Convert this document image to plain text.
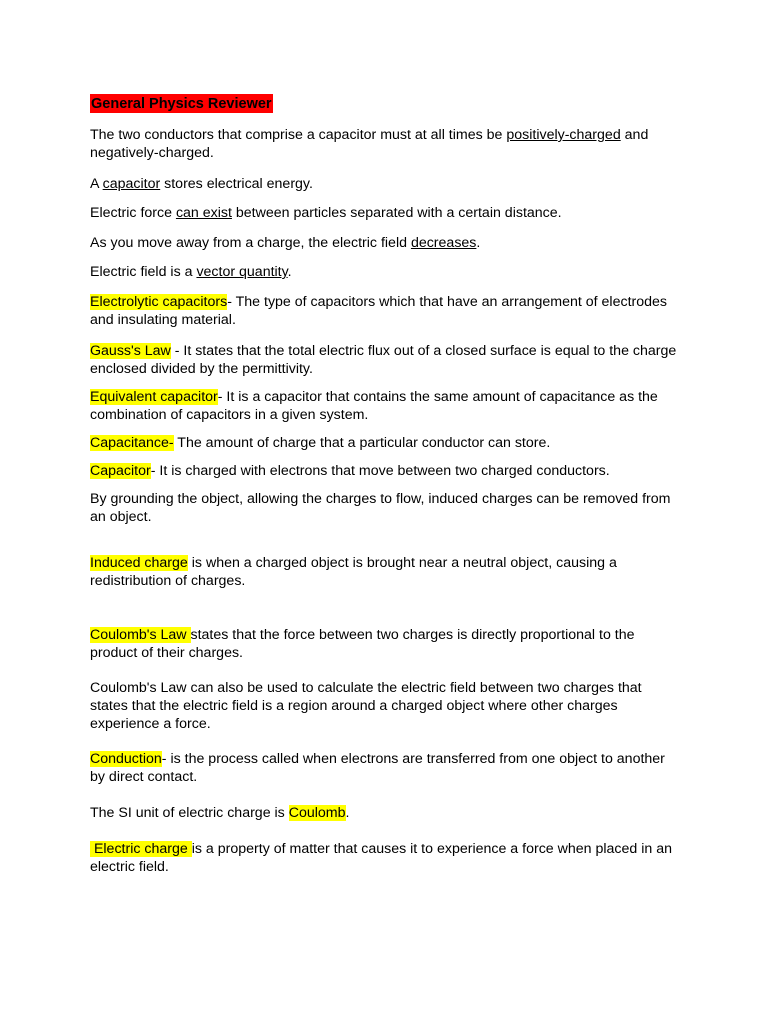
General Physics Reviewer

The two conductors that comprise a capacitor must at all times be positively-charged and negatively-charged.

A capacitor stores electrical energy.

Electric force can exist between particles separated with a certain distance.

As you move away from a charge, the electric field decreases.

Electric field is a vector quantity.

Electrolytic capacitors- The type of capacitors which that have an arrangement of electrodes and insulating material.

Gauss's Law - It states that the total electric flux out of a closed surface is equal to the charge enclosed divided by the permittivity.

Equivalent capacitor- It is a capacitor that contains the same amount of capacitance as the combination of capacitors in a given system.

Capacitance- The amount of charge that a particular conductor can store.

Capacitor- It is charged with electrons that move between two charged conductors.

By grounding the object, allowing the charges to flow, induced charges can be removed from an object.

Induced charge is when a charged object is brought near a neutral object, causing a redistribution of charges.

Coulomb's Law states that the force between two charges is directly proportional to the product of their charges.

Coulomb's Law can also be used to calculate the electric field between two charges that states that the electric field is a region around a charged object where other charges experience a force.

Conduction- is the process called when electrons are transferred from one object to another by direct contact.

The SI unit of electric charge is Coulomb.

Electric charge is a property of matter that causes it to experience a force when placed in an electric field.
